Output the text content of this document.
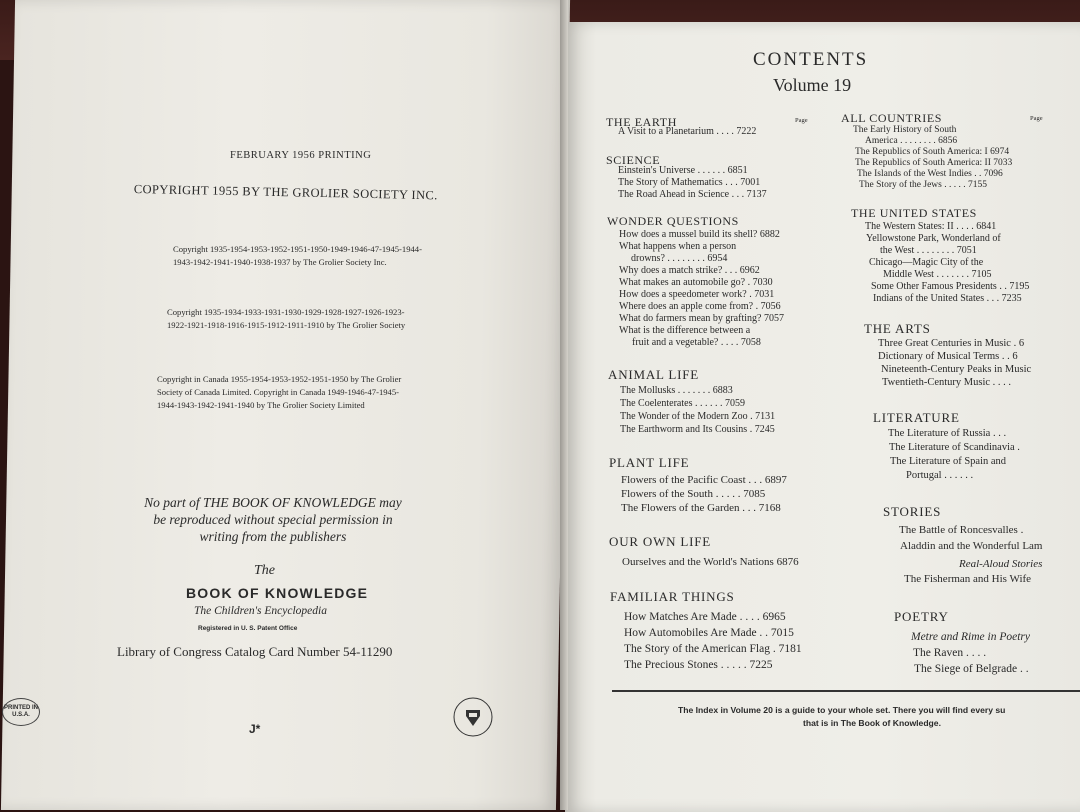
FEBRUARY 1956 PRINTING
COPYRIGHT 1955 BY THE GROLIER SOCIETY INC.
Copyright 1935-1954-1953-1952-1951-1950-1949-1946-47-1945-1944-1943-1942-1941-1940-1938-1937 by The Grolier Society Inc.
Copyright 1935-1934-1933-1931-1930-1929-1928-1927-1926-1923-1922-1921-1918-1916-1915-1912-1911-1910 by The Grolier Society
Copyright in Canada 1955-1954-1953-1952-1951-1950 by The Grolier Society of Canada Limited. Copyright in Canada 1949-1946-47-1945-1944-1943-1942-1941-1940 by The Grolier Society Limited
No part of THE BOOK OF KNOWLEDGE may be reproduced without special permission in writing from the publishers
The
BOOK OF KNOWLEDGE
The Children's Encyclopedia
Registered in U. S. Patent Office
Library of Congress Catalog Card Number 54-11290
PRINTED IN U.S.A.
J*
CONTENTS
Volume 19
Page	Page
THE EARTH
A Visit to a Planetarium . . . . 7222
SCIENCE
Einstein's Universe . . . . . . 6851
The Story of Mathematics . . . 7001
The Road Ahead in Science . . . 7137
WONDER QUESTIONS
How does a mussel build its shell? 6882
What happens when a person
drowns? . . . . . . . . 6954
Why does a match strike? . . . 6962
What makes an automobile go? . 7030
How does a speedometer work? . 7031
Where does an apple come from? . 7056
What do farmers mean by grafting? 7057
What is the difference between a
fruit and a vegetable? . . . . 7058
ANIMAL LIFE
The Mollusks . . . . . . . 6883
The Coelenterates . . . . . . 7059
The Wonder of the Modern Zoo . 7131
The Earthworm and Its Cousins . 7245
PLANT LIFE
Flowers of the Pacific Coast . . . 6897
Flowers of the South . . . . . 7085
The Flowers of the Garden . . . 7168
OUR OWN LIFE
Ourselves and the World's Nations 6876
FAMILIAR THINGS
How Matches Are Made . . . . 6965
How Automobiles Are Made . . 7015
The Story of the American Flag . 7181
The Precious Stones . . . . . 7225
ALL COUNTRIES
The Early History of South
America . . . . . . . . 6856
The Republics of South America: I 6974
The Republics of South America: II 7033
The Islands of the West Indies . . 7096
The Story of the Jews . . . . . 7155
THE UNITED STATES
The Western States: II . . . . 6841
Yellowstone Park, Wonderland of
the West . . . . . . . . 7051
Chicago—Magic City of the
Middle West . . . . . . . 7105
Some Other Famous Presidents . . 7195
Indians of the United States . . . 7235
THE ARTS
Three Great Centuries in Music . 6
Dictionary of Musical Terms . . 6
Nineteenth-Century Peaks in Music
Twentieth-Century Music . . . .
LITERATURE
The Literature of Russia . . .
The Literature of Scandinavia .
The Literature of Spain and
Portugal . . . . . .
STORIES
The Battle of Roncesvalles .
Aladdin and the Wonderful Lam
Real-Aloud Stories
The Fisherman and His Wife
POETRY
Metre and Rime in Poetry
The Raven . . . .
The Siege of Belgrade . .
The Index in Volume 20 is a guide to your whole set. There you will find every su
that is in The Book of Knowledge.
